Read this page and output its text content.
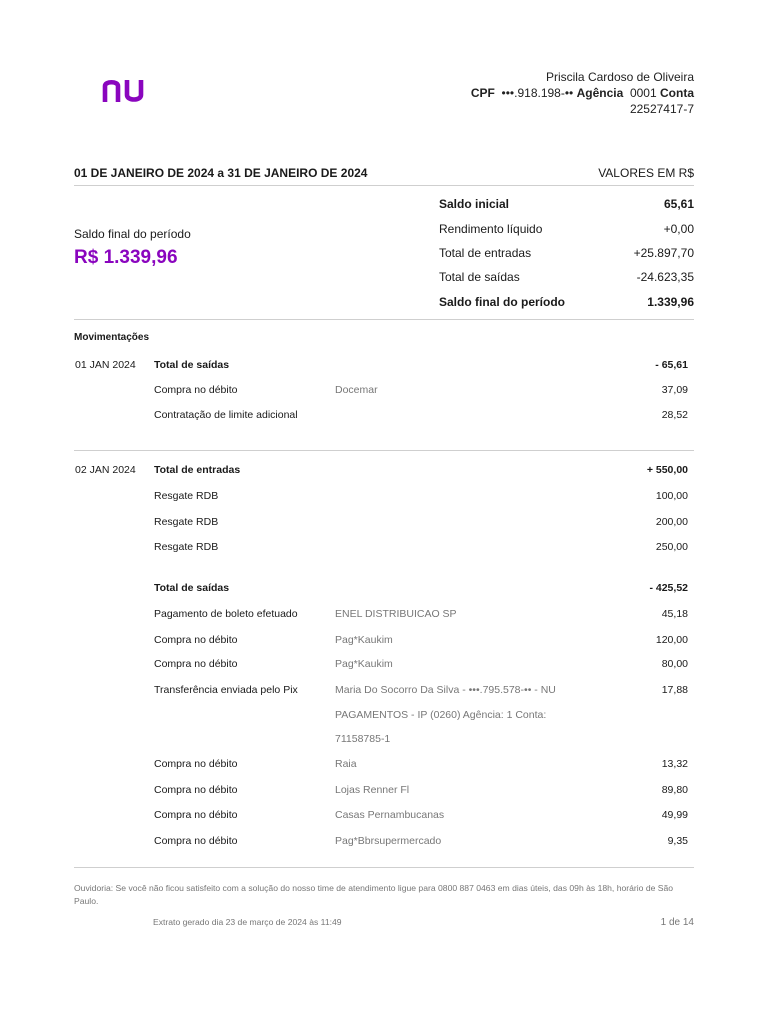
Priscila Cardoso de Oliveira
CPF •••.918.198-•• Agência 0001 Conta
22527417-7
01 DE JANEIRO DE 2024 a 31 DE JANEIRO DE 2024	VALORES EM R$
Saldo final do período
R$ 1.339,96
Saldo inicial	65,61
Rendimento líquido	+0,00
Total de entradas	+25.897,70
Total de saídas	-24.623,35
Saldo final do período	1.339,96
Movimentações
01 JAN 2024 Total de saídas	- 65,61
Compra no débito	Docemar	37,09
Contratação de limite adicional	28,52
02 JAN 2024 Total de entradas	+ 550,00
Resgate RDB	100,00
Resgate RDB	200,00
Resgate RDB	250,00
Total de saídas	- 425,52
Pagamento de boleto efetuado	ENEL DISTRIBUICAO SP	45,18
Compra no débito	Pag*Kaukim	120,00
Compra no débito	Pag*Kaukim	80,00
Transferência enviada pelo Pix	Maria Do Socorro Da Silva - •••.795.578-•• - NU	17,88
PAGAMENTOS - IP (0260) Agência: 1 Conta:
71158785-1
Compra no débito	Raia	13,32
Compra no débito	Lojas Renner Fl	89,80
Compra no débito	Casas Pernambucanas	49,99
Compra no débito	Pag*Bbrsupermercado	9,35
Ouvidoria: Se você não ficou satisfeito com a solução do nosso time de atendimento ligue para 0800 887 0463 em dias úteis, das 09h às 18h, horário de São Paulo.
Extrato gerado dia 23 de março de 2024 às 11:49	1 de 14
